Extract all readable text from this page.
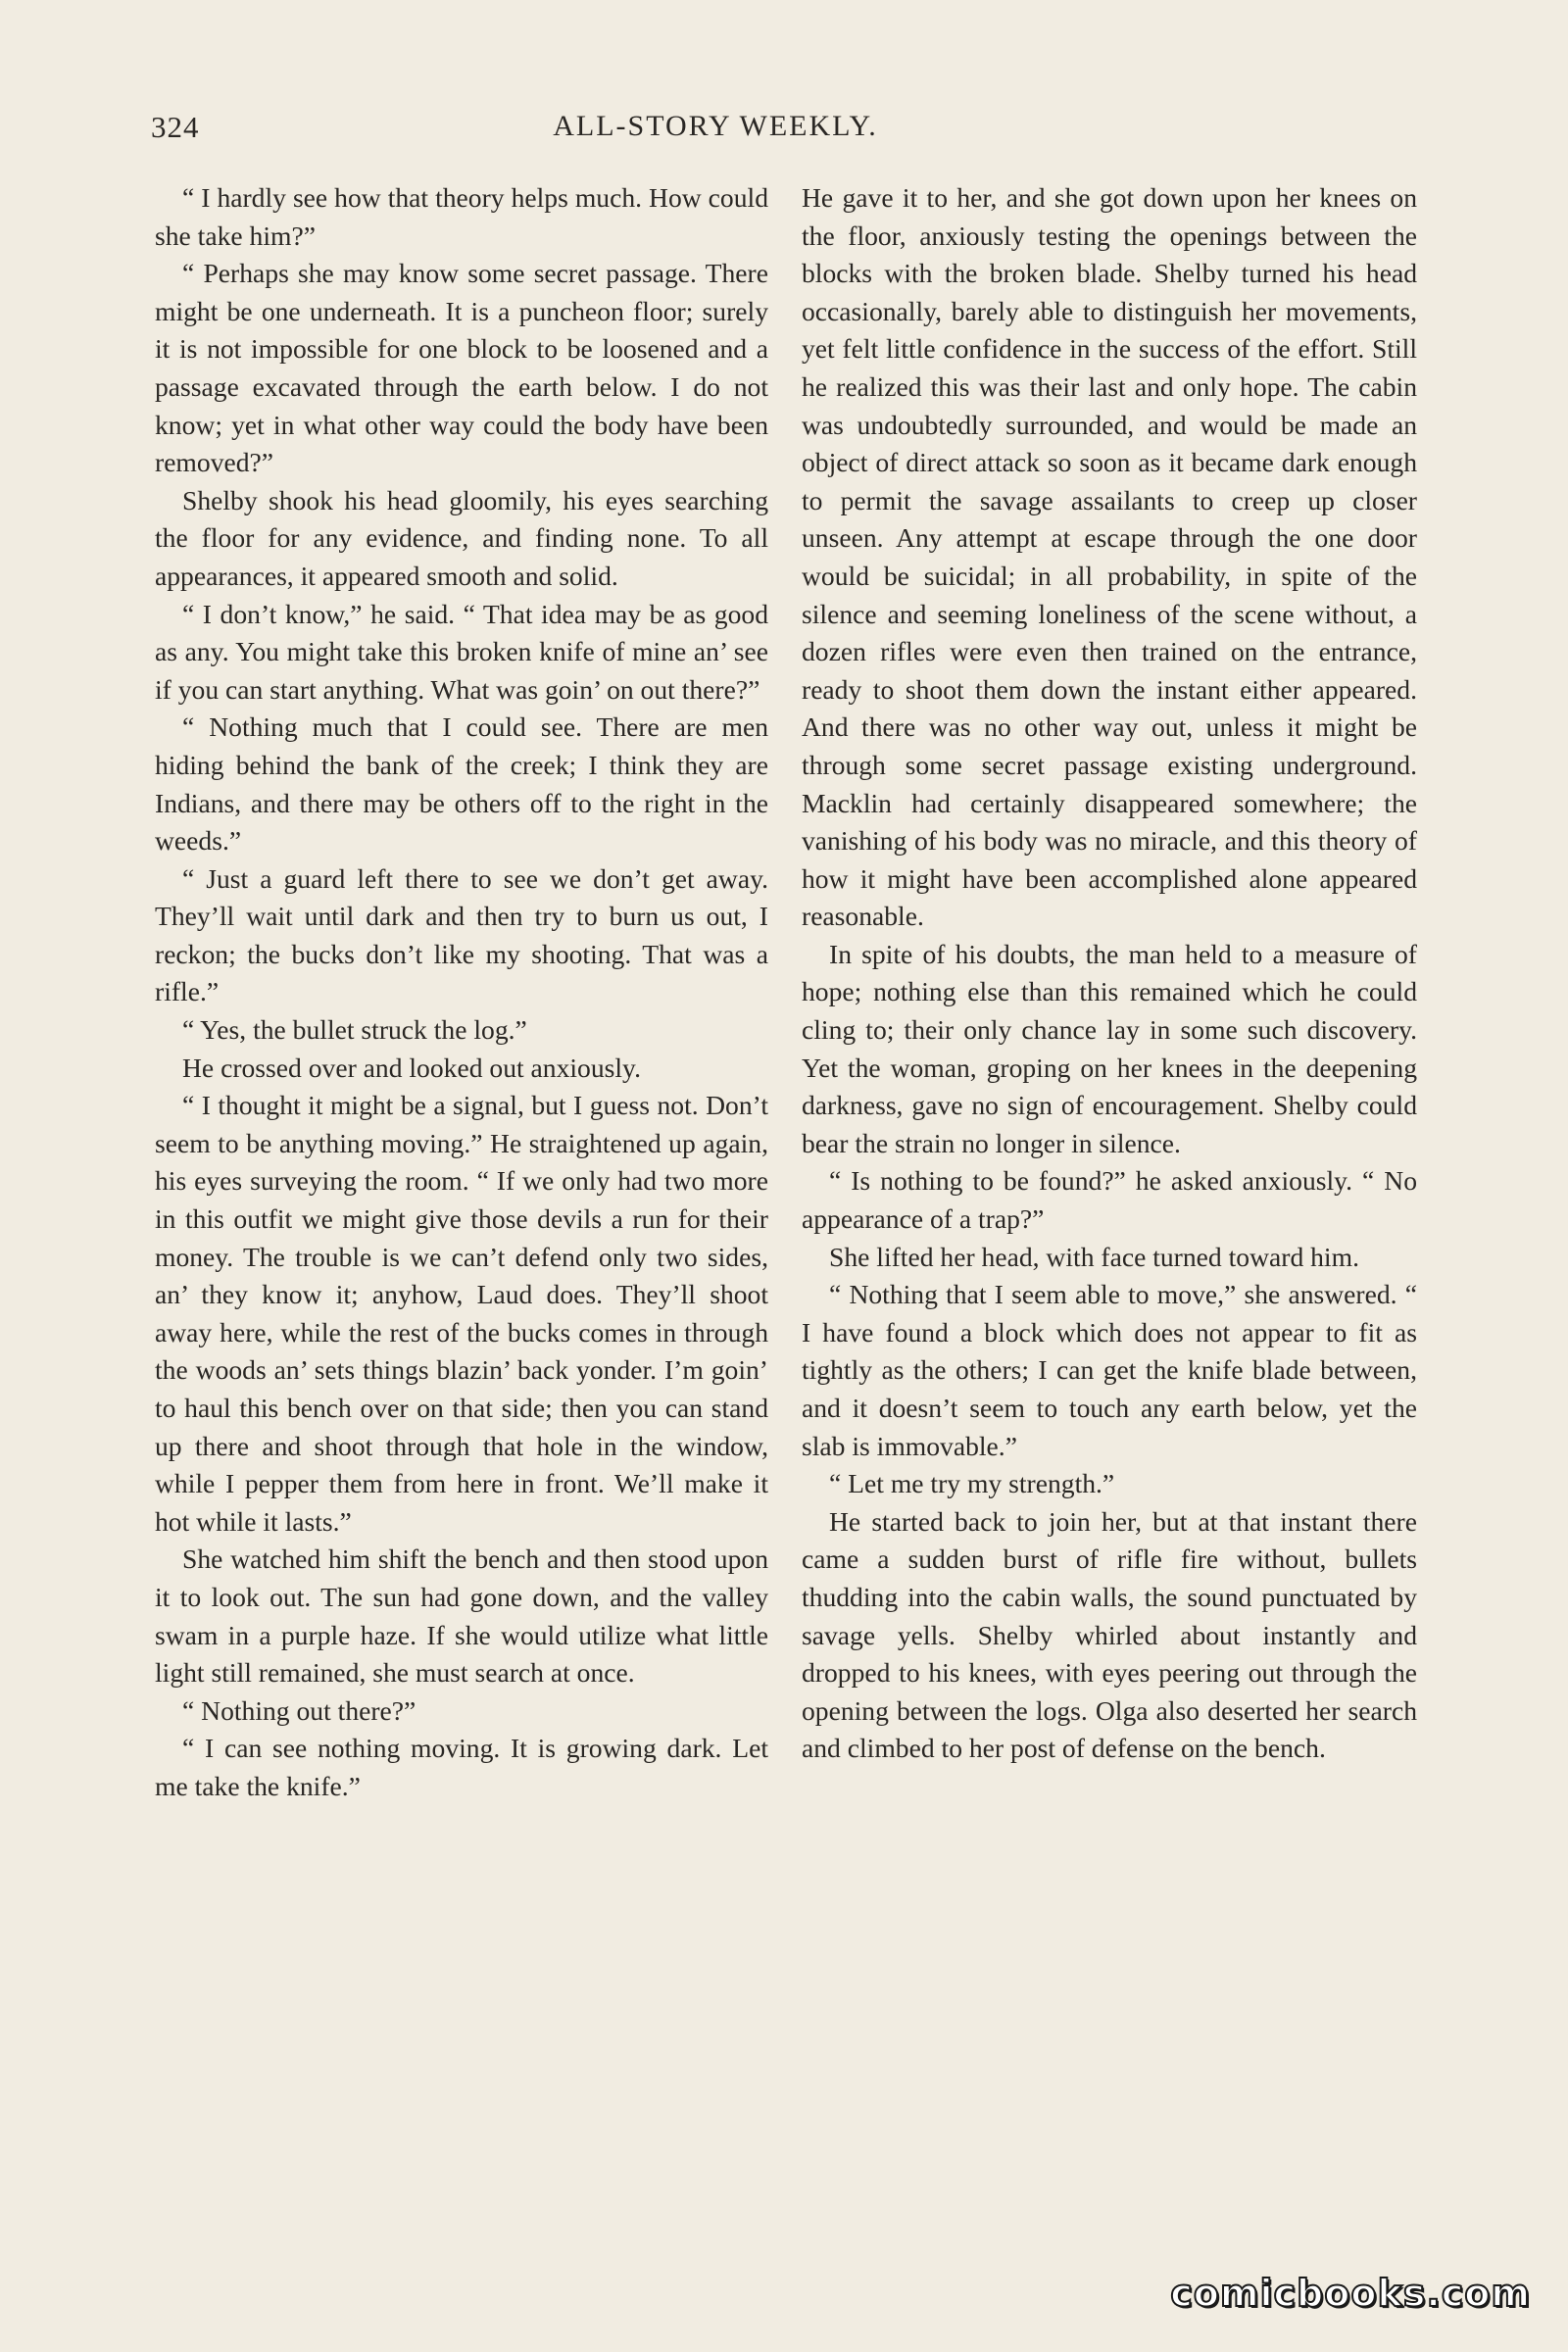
324	ALL-STORY WEEKLY.

“ I hardly see how that theory helps much. How could she take him?”

“ Perhaps she may know some secret passage. There might be one underneath. It is a puncheon floor; surely it is not impossible for one block to be loosened and a passage excavated through the earth below. I do not know; yet in what other way could the body have been removed?”

Shelby shook his head gloomily, his eyes searching the floor for any evidence, and finding none. To all appearances, it appeared smooth and solid.

“ I don’t know,” he said. “ That idea may be as good as any. You might take this broken knife of mine an’ see if you can start anything. What was goin’ on out there?”

“ Nothing much that I could see. There are men hiding behind the bank of the creek; I think they are Indians, and there may be others off to the right in the weeds.”

“ Just a guard left there to see we don’t get away. They’ll wait until dark and then try to burn us out, I reckon; the bucks don’t like my shooting. That was a rifle.”

“ Yes, the bullet struck the log.”

He crossed over and looked out anxiously.

“ I thought it might be a signal, but I guess not. Don’t seem to be anything moving.” He straightened up again, his eyes surveying the room. “ If we only had two more in this outfit we might give those devils a run for their money. The trouble is we can’t defend only two sides, an’ they know it; anyhow, Laud does. They’ll shoot away here, while the rest of the bucks comes in through the woods an’ sets things blazin’ back yonder. I’m goin’ to haul this bench over on that side; then you can stand up there and shoot through that hole in the window, while I pepper them from here in front. We’ll make it hot while it lasts.”

She watched him shift the bench and then stood upon it to look out. The sun had gone down, and the valley swam in a purple haze. If she would utilize what little light still remained, she must search at once.

“ Nothing out there?”

“ I can see nothing moving. It is growing dark. Let me take the knife.”

He gave it to her, and she got down upon her knees on the floor, anxiously testing the openings between the blocks with the broken blade. Shelby turned his head occasionally, barely able to distinguish her movements, yet felt little confidence in the success of the effort. Still he realized this was their last and only hope. The cabin was undoubtedly surrounded, and would be made an object of direct attack so soon as it became dark enough to permit the savage assailants to creep up closer unseen. Any attempt at escape through the one door would be suicidal; in all probability, in spite of the silence and seeming loneliness of the scene without, a dozen rifles were even then trained on the entrance, ready to shoot them down the instant either appeared. And there was no other way out, unless it might be through some secret passage existing underground. Macklin had certainly disappeared somewhere; the vanishing of his body was no miracle, and this theory of how it might have been accomplished alone appeared reasonable.

In spite of his doubts, the man held to a measure of hope; nothing else than this remained which he could cling to; their only chance lay in some such discovery. Yet the woman, groping on her knees in the deepening darkness, gave no sign of encouragement. Shelby could bear the strain no longer in silence.

“ Is nothing to be found?” he asked anxiously. “ No appearance of a trap?”

She lifted her head, with face turned toward him.

“ Nothing that I seem able to move,” she answered. “ I have found a block which does not appear to fit as tightly as the others; I can get the knife blade between, and it doesn’t seem to touch any earth below, yet the slab is immovable.”

“ Let me try my strength.”

He started back to join her, but at that instant there came a sudden burst of rifle fire without, bullets thudding into the cabin walls, the sound punctuated by savage yells. Shelby whirled about instantly and dropped to his knees, with eyes peering out through the opening between the logs. Olga also deserted her search and climbed to her post of defense on the bench.

comicbooks.com
